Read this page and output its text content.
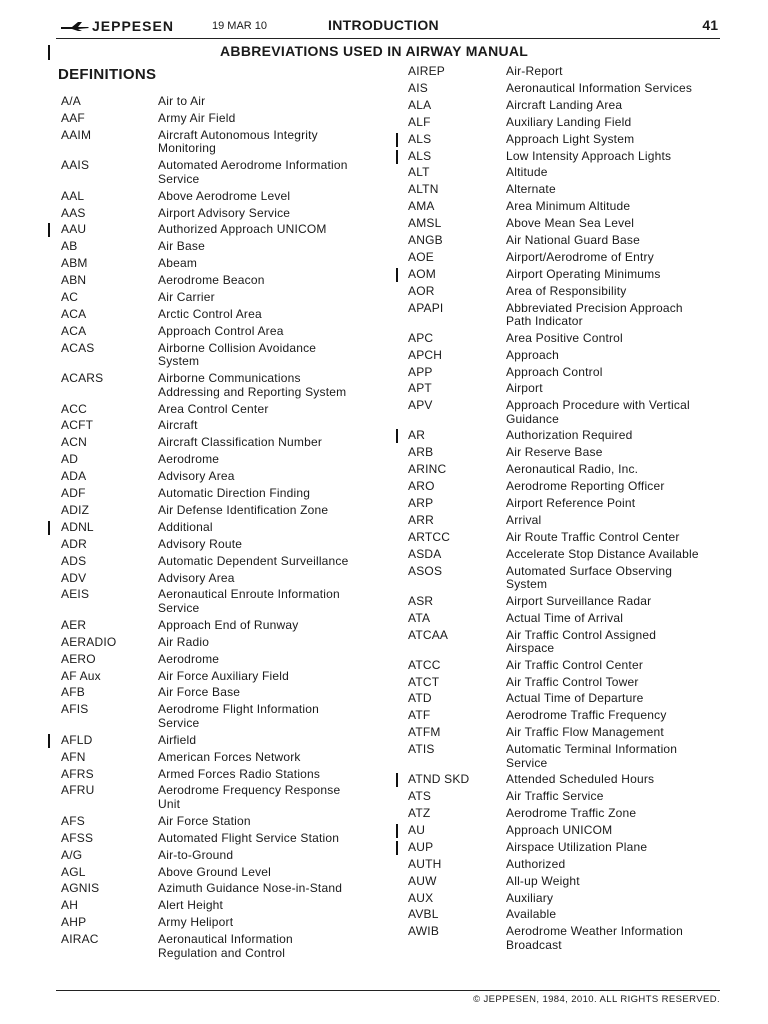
JEPPESEN	19 MAR 10	INTRODUCTION	41
ABBREVIATIONS USED IN AIRWAY MANUAL
DEFINITIONS
A/A	Air to Air
AAF	Army Air Field
AAIM	Aircraft Autonomous Integrity
Monitoring
AAIS	Automated Aerodrome Information
Service
AAL	Above Aerodrome Level
AAS	Airport Advisory Service
AAU	Authorized Approach UNICOM
AB	Air Base
ABM	Abeam
ABN	Aerodrome Beacon
AC	Air Carrier
ACA	Arctic Control Area
ACA	Approach Control Area
ACAS	Airborne Collision Avoidance
System
ACARS	Airborne Communications
Addressing and Reporting System
ACC	Area Control Center
ACFT	Aircraft
ACN	Aircraft Classification Number
AD	Aerodrome
ADA	Advisory Area
ADF	Automatic Direction Finding
ADIZ	Air Defense Identification Zone
ADNL	Additional
ADR	Advisory Route
ADS	Automatic Dependent Surveillance
ADV	Advisory Area
AEIS	Aeronautical Enroute Information
Service
AER	Approach End of Runway
AERADIO	Air Radio
AERO	Aerodrome
AF Aux	Air Force Auxiliary Field
AFB	Air Force Base
AFIS	Aerodrome Flight Information
Service
AFLD	Airfield
AFN	American Forces Network
AFRS	Armed Forces Radio Stations
AFRU	Aerodrome Frequency Response
Unit
AFS	Air Force Station
AFSS	Automated Flight Service Station
A/G	Air-to-Ground
AGL	Above Ground Level
AGNIS	Azimuth Guidance Nose-in-Stand
AH	Alert Height
AHP	Army Heliport
AIRAC	Aeronautical Information
Regulation and Control
AIREP	Air-Report
AIS	Aeronautical Information Services
ALA	Aircraft Landing Area
ALF	Auxiliary Landing Field
ALS	Approach Light System
ALS	Low Intensity Approach Lights
ALT	Altitude
ALTN	Alternate
AMA	Area Minimum Altitude
AMSL	Above Mean Sea Level
ANGB	Air National Guard Base
AOE	Airport/Aerodrome of Entry
AOM	Airport Operating Minimums
AOR	Area of Responsibility
APAPI	Abbreviated Precision Approach
Path Indicator
APC	Area Positive Control
APCH	Approach
APP	Approach Control
APT	Airport
APV	Approach Procedure with Vertical
Guidance
AR	Authorization Required
ARB	Air Reserve Base
ARINC	Aeronautical Radio, Inc.
ARO	Aerodrome Reporting Officer
ARP	Airport Reference Point
ARR	Arrival
ARTCC	Air Route Traffic Control Center
ASDA	Accelerate Stop Distance Available
ASOS	Automated Surface Observing
System
ASR	Airport Surveillance Radar
ATA	Actual Time of Arrival
ATCAA	Air Traffic Control Assigned
Airspace
ATCC	Air Traffic Control Center
ATCT	Air Traffic Control Tower
ATD	Actual Time of Departure
ATF	Aerodrome Traffic Frequency
ATFM	Air Traffic Flow Management
ATIS	Automatic Terminal Information
Service
ATND SKD	Attended Scheduled Hours
ATS	Air Traffic Service
ATZ	Aerodrome Traffic Zone
AU	Approach UNICOM
AUP	Airspace Utilization Plane
AUTH	Authorized
AUW	All-up Weight
AUX	Auxiliary
AVBL	Available
AWIB	Aerodrome Weather Information
Broadcast
© JEPPESEN, 1984, 2010. ALL RIGHTS RESERVED.
